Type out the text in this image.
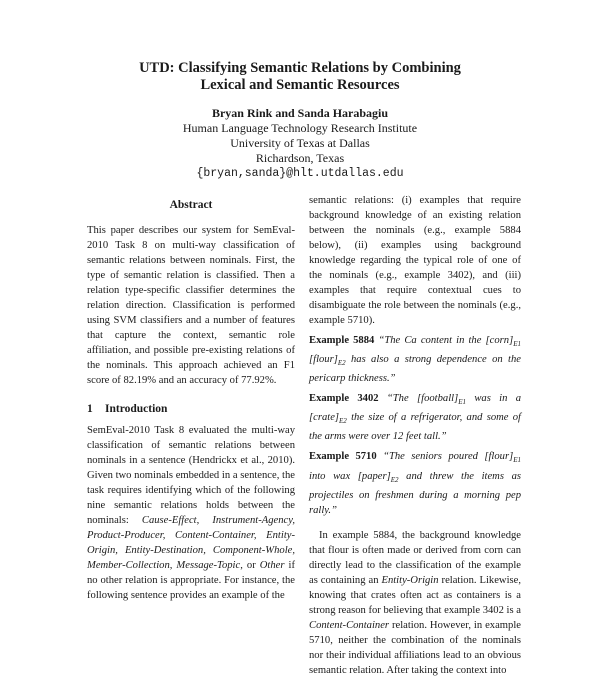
UTD: Classifying Semantic Relations by Combining
Lexical and Semantic Resources
Bryan Rink and Sanda Harabagiu
Human Language Technology Research Institute
University of Texas at Dallas
Richardson, Texas
{bryan,sanda}@hlt.utdallas.edu
Abstract

This paper describes our system for SemEval-2010 Task 8 on multi-way classification of semantic relations between nominals. First, the type of semantic relation is classified. Then a relation type-specific classifier determines the relation direction. Classification is performed using SVM classifiers and a number of features that capture the context, semantic role affiliation, and possible pre-existing relations of the nominals. This approach achieved an F1 score of 82.19% and an accuracy of 77.92%.

1 Introduction

SemEval-2010 Task 8 evaluated the multi-way classification of semantic relations between nominals in a sentence (Hendrickx et al., 2010). Given two nominals embedded in a sentence, the task requires identifying which of the following nine semantic relations holds between the nominals: Cause-Effect, Instrument-Agency, Product-Producer, Content-Container, Entity-Origin, Entity-Destination, Component-Whole, Member-Collection, Message-Topic, or Other if no other relation is appropriate. For instance, the following sentence provides an example of the

semantic relations: (i) examples that require background knowledge of an existing relation between the nominals (e.g., example 5884 below), (ii) examples using background knowledge regarding the typical role of one of the nominals (e.g., example 3402), and (iii) examples that require contextual cues to disambiguate the role between the nominals (e.g., example 5710).

Example 5884 “The Ca content in the $[corn]_{E1}$ $[flour]_{E2}$ has also a strong dependence on the pericarp thickness.”

Example 3402 “The $[football]_{E1}$ was in a $[crate]_{E2}$ the size of a refrigerator, and some of the arms were over 12 feet tall.”

Example 5710 “The seniors poured $[flour]_{E1}$ into wax $[paper]_{E2}$ and threw the items as projectiles on freshmen during a morning pep rally.”

In example 5884, the background knowledge that flour is often made or derived from corn can directly lead to the classification of the example as containing an Entity-Origin relation. Likewise, knowing that crates often act as containers is a strong reason for believing that example 3402 is a Content-Container relation. However, in example 5710, neither the combination of the nominals nor their individual affiliations lead to an obvious semantic relation. After taking the context into
